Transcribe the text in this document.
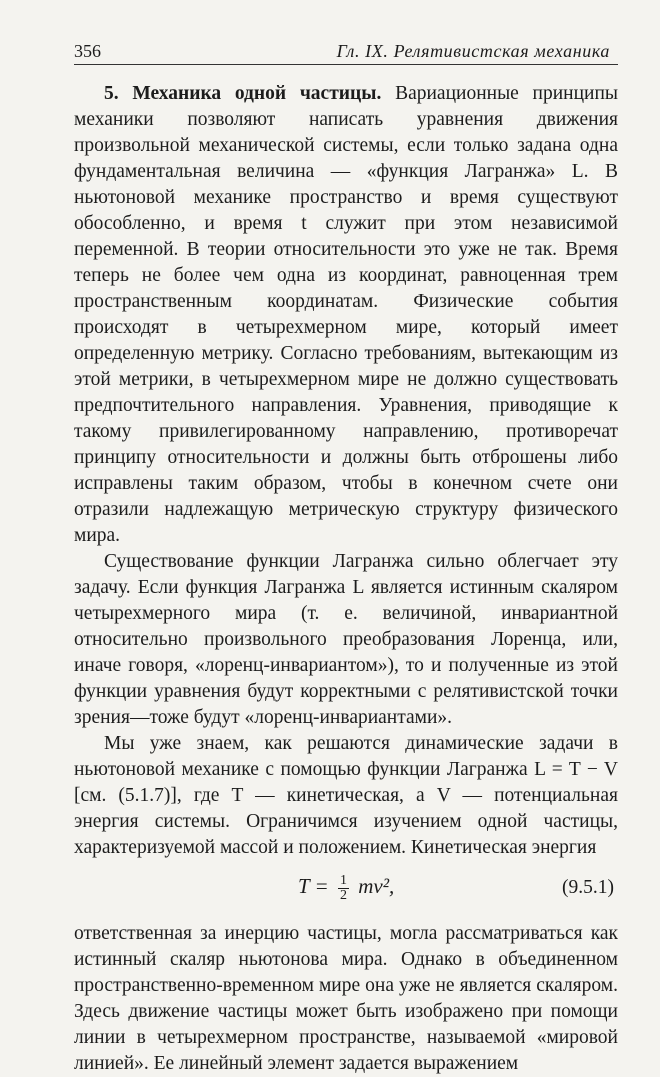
356	Гл. IX. Релятивистская механика

5. Механика одной частицы. Вариационные принципы механики позволяют написать уравнения движения произвольной механической системы, если только задана одна фундаментальная величина — «функция Лагранжа» L. В ньютоновой механике пространство и время существуют обособленно, и время t служит при этом независимой переменной. В теории относительности это уже не так. Время теперь не более чем одна из координат, равноценная трем пространственным координатам. Физические события происходят в четырехмерном мире, который имеет определенную метрику. Согласно требованиям, вытекающим из этой метрики, в четырехмерном мире не должно существовать предпочтительного направления. Уравнения, приводящие к такому привилегированному направлению, противоречат принципу относительности и должны быть отброшены либо исправлены таким образом, чтобы в конечном счете они отразили надлежащую метрическую структуру физического мира.

Существование функции Лагранжа сильно облегчает эту задачу. Если функция Лагранжа L является истинным скаляром четырехмерного мира (т. е. величиной, инвариантной относительно произвольного преобразования Лоренца, или, иначе говоря, «лоренц-инвариантом»), то и полученные из этой функции уравнения будут корректными с релятивистской точки зрения—тоже будут «лоренц-инвариантами».

Мы уже знаем, как решаются динамические задачи в ньютоновой механике с помощью функции Лагранжа L = T − V [см. (5.1.7)], где T — кинетическая, а V — потенциальная энергия системы. Ограничимся изучением одной частицы, характеризуемой массой и положением. Кинетическая энергия

$T = \frac{1}{2} mv^2$,	(9.5.1)

ответственная за инерцию частицы, могла рассматриваться как истинный скаляр ньютонова мира. Однако в объединенном пространственно-временном мире она уже не является скаляром. Здесь движение частицы может быть изображено при помощи линии в четырехмерном пространстве, называемой «мировой линией». Ее линейный элемент задается выражением
